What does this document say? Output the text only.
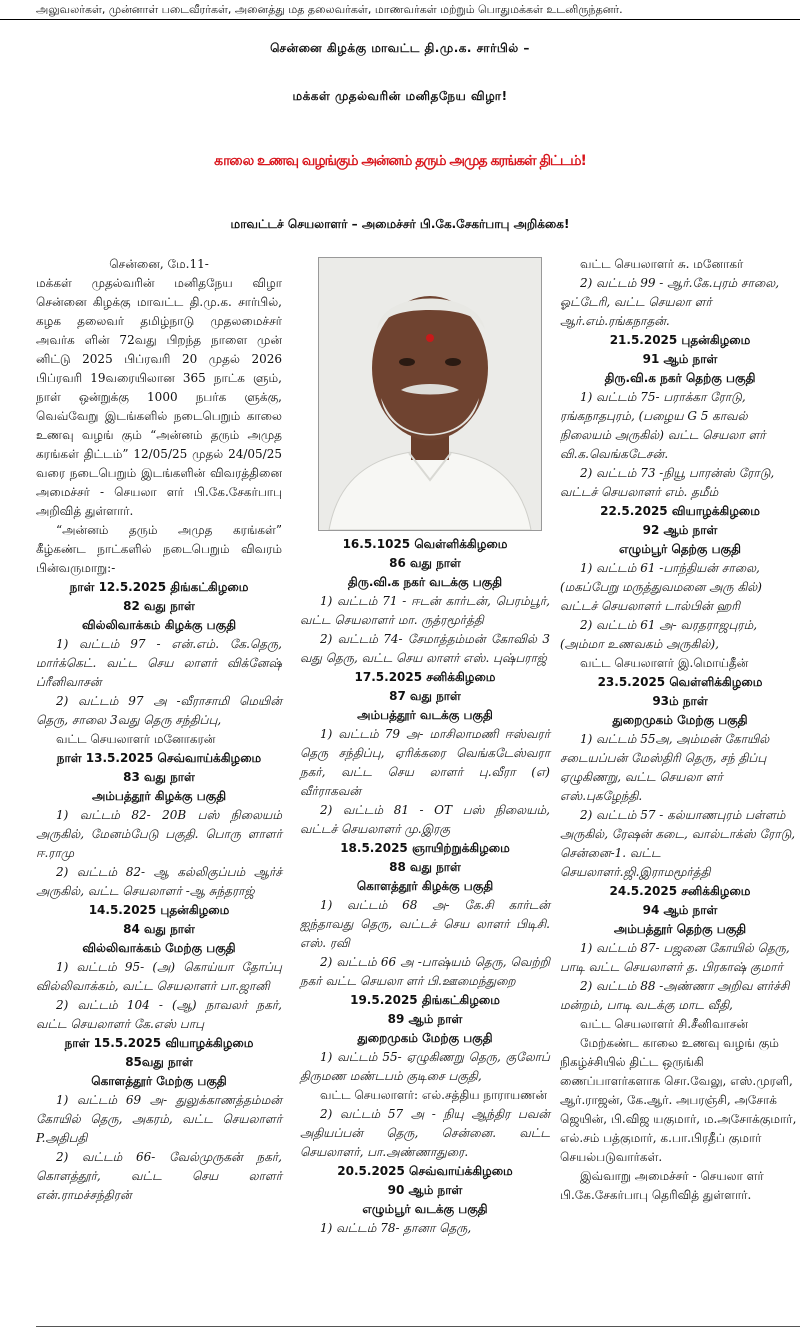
அலுவலர்கள், முன்னாள் படைவீரர்கள், அனைத்து மத தலைவர்கள், மாணவர்கள் மற்றும் பொதுமக்கள் உடனிருந்தனர்.
சென்னை கிழக்கு மாவட்ட தி.மு.க. சார்பில் –
மக்கள் முதல்வரின் மனிதநேய விழா!
காலை உணவு வழங்கும் அன்னம் தரும் அமுத கரங்கள் திட்டம்!
மாவட்டச் செயலாளர் – அமைச்சர் பி.கே.சேகர்பாபு அறிக்கை!

சென்னை, மே.11-

மக்கள் முதல்வரின் மனிதநேய விழா சென்னை கிழக்கு மாவட்ட தி.மு.க. சார்பில், கழக தலைவர் தமிழ்நாடு முதலமைச்சர் அவர்க ளின் 72வது பிறந்த நாளை முன் னிட்டு 2025 பிப்ரவரி 20 முதல் 2026 பிப்ரவரி 19வரையிலான 365 நாட்க ளும், நாள் ஒன்றுக்கு 1000 நபர்க ளுக்கு, வெவ்வேறு இடங்களில் நடைபெறும் காலை உணவு வழங் கும் “அன்னம் தரும் அமுத கரங்கள் திட்டம்” 12/05/25 முதல் 24/05/25 வரை நடைபெறும் இடங்களின் விவரத்தினை அமைச்சர் - செயலா ளர் பி.கே.சேகர்பாபு அறிவித் துள்ளார்.

“அன்னம் தரும் அமுத கரங்கள்” கீழ்கண்ட நாட்களில் நடைபெறும் விவரம் பின்வருமாறு:-

நாள் 12.5.2025 திங்கட்கிழமை

82 வது நாள்

வில்லிவாக்கம் கிழக்கு பகுதி

1) வட்டம் 97 - என்.எம். கே.தெரு, மார்க்கெட். வட்ட செய லாளர் விக்னேஷ் ப்ரீனிவாசன்

2) வட்டம் 97 அ -வீராசாமி மெயின் தெரு, சாலை 3வது தெரு சந்திப்பு,

வட்ட செயலாளர் மனோகரன்

நாள் 13.5.2025 செவ்வாய்க்கிழமை

83 வது நாள்

அம்பத்தூர் கிழக்கு பகுதி

1) வட்டம் 82- 20B பஸ் நிலையம் அருகில், மேனம்பேடு பகுதி. பொரு ளாளர் ஈ.ராமு

2) வட்டம் 82- ஆ கல்லிகுப்பம் ஆர்ச் அருகில், வட்ட செயலாளர் -ஆ சுந்தராஜ்

14.5.2025 புதன்கிழமை

84 வது நாள்

வில்லிவாக்கம் மேற்கு பகுதி

1) வட்டம் 95- (அ) கொய்யா தோப்பு வில்லிவாக்கம், வட்ட செயலாளர் பா.ஜானி

2) வட்டம் 104 - (ஆ) நாவலர் நகர், வட்ட செயலாளர் கே.எஸ் பாபு

நாள் 15.5.2025 வியாழக்கிழமை

85வது நாள்

கொளத்தூர் மேற்கு பகுதி

1) வட்டம் 69 அ- துலுக்காணத்தம்மன் கோயில் தெரு, அகரம், வட்ட செயலாளர் P.அதிபதி

2) வட்டம் 66- வேல்முருகன் நகர், கொளத்தூர், வட்ட செய லாளர் என்.ராமச்சந்திரன்

16.5.1025 வெள்ளிக்கிழமை

86 வது நாள்

திரு.வி.க நகர் வடக்கு பகுதி

1) வட்டம் 71 - ஈடன் கார்டன், பெரம்பூர், வட்ட செயலாளர் மா. ருத்ரமூர்த்தி

2) வட்டம் 74- சேமாத்தம்மன் கோவில் 3 வது தெரு, வட்ட செய லாளர் எஸ். புஷ்பராஜ்

17.5.2025 சனிக்கிழமை

87 வது நாள்

அம்பத்தூர் வடக்கு பகுதி

1) வட்டம் 79 அ- மாசிலாமணி ஈஸ்வரர் தெரு சந்திப்பு, ஏரிக்கரை வெங்கடேஸ்வரா நகர், வட்ட செய லாளர் பு.வீரா (எ) வீர்ராகவன்

2) வட்டம் 81 - OT பஸ் நிலையம், வட்டச் செயலாளர் மு.இரகு

18.5.2025 ஞாயிற்றுக்கிழமை

88 வது நாள்

கொளத்தூர் கிழக்கு பகுதி

1) வட்டம் 68 அ- கே.சி கார்டன் ஐந்தாவது தெரு, வட்டச் செய லாளர் பிடிசி. எஸ். ரவி

2) வட்டம் 66 அ -பாஷ்யம் தெரு, வெற்றி நகர் வட்ட செயலா ளர் பி.ஊமைந்துறை

19.5.2025 திங்கட்கிழமை

89 ஆம் நாள்

துறைமுகம் மேற்கு பகுதி

1) வட்டம் 55- ஏழுகிணறு தெரு, குலோப் திருமண மண்டபம் குடிசை பகுதி,

வட்ட செயலாளர்: எல்.சத்திய நாராயணன்

2) வட்டம் 57 அ - நியு ஆந்திர பவன் அதியப்பன் தெரு, சென்னை. வட்ட செயலாளர், பா.அண்ணாதுரை.

20.5.2025 செவ்வாய்க்கிழமை

90 ஆம் நாள்

எழும்பூர் வடக்கு பகுதி

1) வட்டம் 78- தானா தெரு,

வட்ட செயலாளர் சு. மனோகர்

2) வட்டம் 99 - ஆர்.கே.புரம் சாலை, ஓட்டேரி, வட்ட செயலா ளர் ஆர்.எம்.ரங்கநாதன்.

21.5.2025 புதன்கிழமை

91 ஆம் நாள்

திரு.வி.க நகர் தெற்கு பகுதி

1) வட்டம் 75- பராக்கா ரோடு, ரங்கநாதபுரம், (பழைய G 5 காவல் நிலையம் அருகில்) வட்ட செயலா ளர் வி.க.வெங்கடேசன்.

2) வட்டம் 73 -நியூ பாரன்ஸ் ரோடு, வட்டச் செயலாளர் எம். தமீம்

22.5.2025 வியாழக்கிழமை

92 ஆம் நாள்

எழும்பூர் தெற்கு பகுதி

1) வட்டம் 61 -பாந்தியன் சாலை, (மகப்பேறு மருத்துவமனை அரு கில்) வட்டச் செயலாளர் டால்பின் ஹரி

2) வட்டம் 61 அ- வரதராஜபுரம், (அம்மா உணவகம் அருகில்),

வட்ட செயலாளர் இ.மொய்தீன்

23.5.2025 வெள்ளிக்கிழமை

93ம் நாள்

துறைமுகம் மேற்கு பகுதி

1) வட்டம் 55அ, அம்மன் கோயில் சடையப்பன் மேஸ்திரி தெரு, சந் திப்பு ஏழுகிணறு, வட்ட செயலா ளர் எஸ்.புகழேந்தி.

2) வட்டம் 57 - கல்யாணபுரம் பள்ளம் அருகில், ரேஷன் கடை, வால்டாக்ஸ் ரோடு, சென்னை-1. வட்ட செயலாளர்.ஜி.இராமமூர்த்தி

24.5.2025 சனிக்கிழமை

94 ஆம் நாள்

அம்பத்தூர் தெற்கு பகுதி

1) வட்டம் 87- பஜனை கோயில் தெரு, பாடி வட்ட செயலாளர் த. பிரகாஷ் குமார்

2) வட்டம் 88 -அண்ணா அறிவ ளர்ச்சி மன்றம், பாடி வடக்கு மாட வீதி,

வட்ட செயலாளர் சி.சீனிவாசன்

மேற்கண்ட காலை உணவு வழங் கும் நிகழ்ச்சியில் திட்ட ஒருங்கி ணைப்பாளர்களாக சொ.வேலு, எஸ்.முரளி, ஆர்.ராஜன், கே.ஆர். அபரஞ்சி, அசோக் ஜெயின், பி.விஜ யகுமார், ம.அசோக்குமார், எல்.சம் பத்குமார், க.பா.பிரதீப் குமார் செயல்படுவார்கள்.

இவ்வாறு அமைச்சர் - செயலா ளர் பி.கே.சேகர்பாபு தெரிவித் துள்ளார்.
